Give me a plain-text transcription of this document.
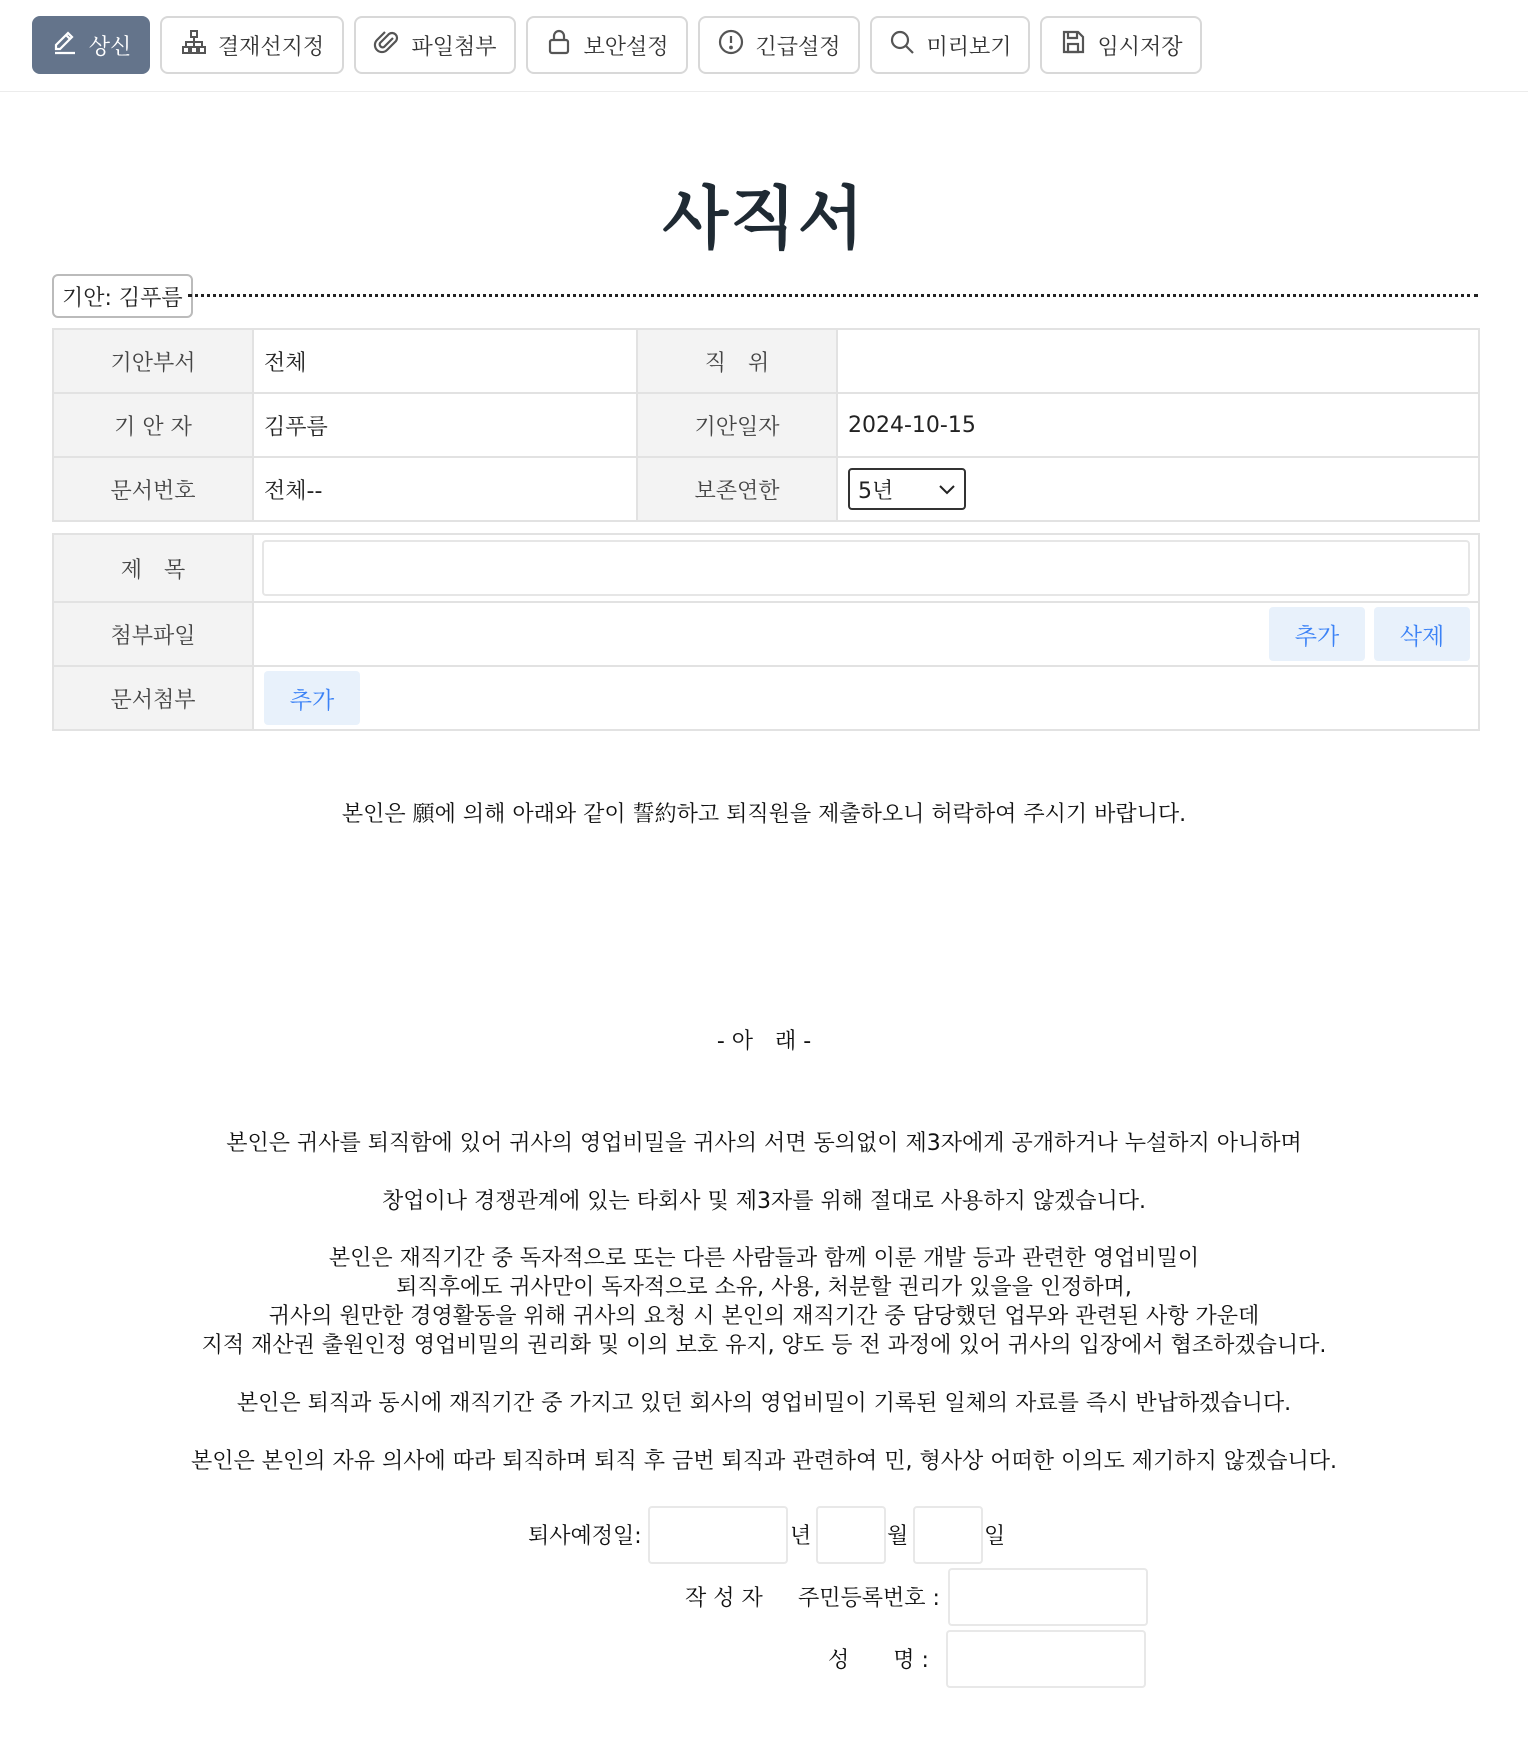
상신	결재선지정	파일첨부	보안설정	긴급설정	미리보기	임시저장
사직서
기안: 김푸름
기안부서	전체	직　위	
기 안 자	김푸름	기안일자	2024-10-15
문서번호	전체--	보존연한	5년
제　목	

첨부파일	추가 삭제
문서첨부	추가
본인은 願에 의해 아래와 같이 誓約하고 퇴직원을 제출하오니 허락하여 주시기 바랍니다.
- 아　래 -
본인은 귀사를 퇴직함에 있어 귀사의 영업비밀을 귀사의 서면 동의없이 제3자에게 공개하거나 누설하지 아니하며
창업이나 경쟁관계에 있는 타회사 및 제3자를 위해 절대로 사용하지 않겠습니다.
본인은 재직기간 중 독자적으로 또는 다른 사람들과 함께 이룬 개발 등과 관련한 영업비밀이
퇴직후에도 귀사만이 독자적으로 소유, 사용, 처분할 권리가 있을을 인정하며,
귀사의 원만한 경영활동을 위해 귀사의 요청 시 본인의 재직기간 중 담당했던 업무와 관련된 사항 가운데
지적 재산권 출원인정 영업비밀의 권리화 및 이의 보호 유지, 양도 등 전 과정에 있어 귀사의 입장에서 협조하겠습니다.
본인은 퇴직과 동시에 재직기간 중 가지고 있던 회사의 영업비밀이 기록된 일체의 자료를 즉시 반납하겠습니다.
본인은 본인의 자유 의사에 따라 퇴직하며 퇴직 후 금번 퇴직과 관련하여 민, 형사상 어떠한 이의도 제기하지 않겠습니다.
퇴사예정일:	년	월	일
작 성 자 주민등록번호 :
성　　명 :
